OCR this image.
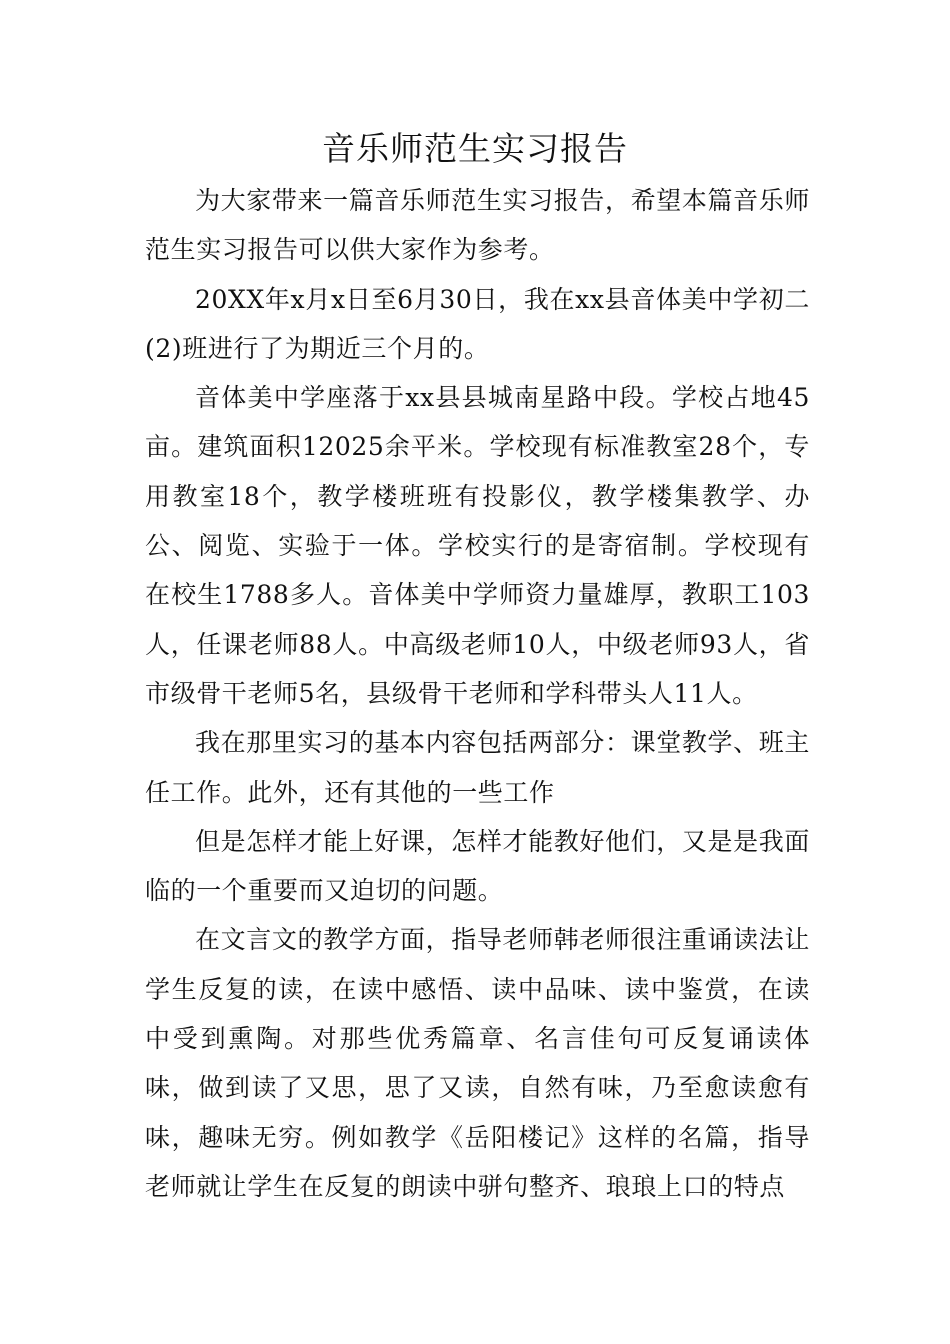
音乐师范生实习报告

为大家带来一篇音乐师范生实习报告，希望本篇音乐师范生实习报告可以供大家作为参考。

20XX年x月x日至6月30日，我在xx县音体美中学初二(2)班进行了为期近三个月的。

音体美中学座落于xx县县城南星路中段。学校占地45亩。建筑面积12025余平米。学校现有标准教室28个，专用教室18个，教学楼班班有投影仪，教学楼集教学、办公、阅览、实验于一体。学校实行的是寄宿制。学校现有在校生1788多人。音体美中学师资力量雄厚，教职工103人，任课老师88人。中高级老师10人，中级老师93人，省市级骨干老师5名，县级骨干老师和学科带头人11人。

我在那里实习的基本内容包括两部分：课堂教学、班主任工作。此外，还有其他的一些工作

但是怎样才能上好课，怎样才能教好他们，又是是我面临的一个重要而又迫切的问题。

在文言文的教学方面，指导老师韩老师很注重诵读法让学生反复的读，在读中感悟、读中品味、读中鉴赏，在读中受到熏陶。对那些优秀篇章、名言佳句可反复诵读体味，做到读了又思，思了又读，自然有味，乃至愈读愈有味，趣味无穷。例如教学《岳阳楼记》这样的名篇，指导老师就让学生在反复的朗读中骈句整齐、琅琅上口的特点
